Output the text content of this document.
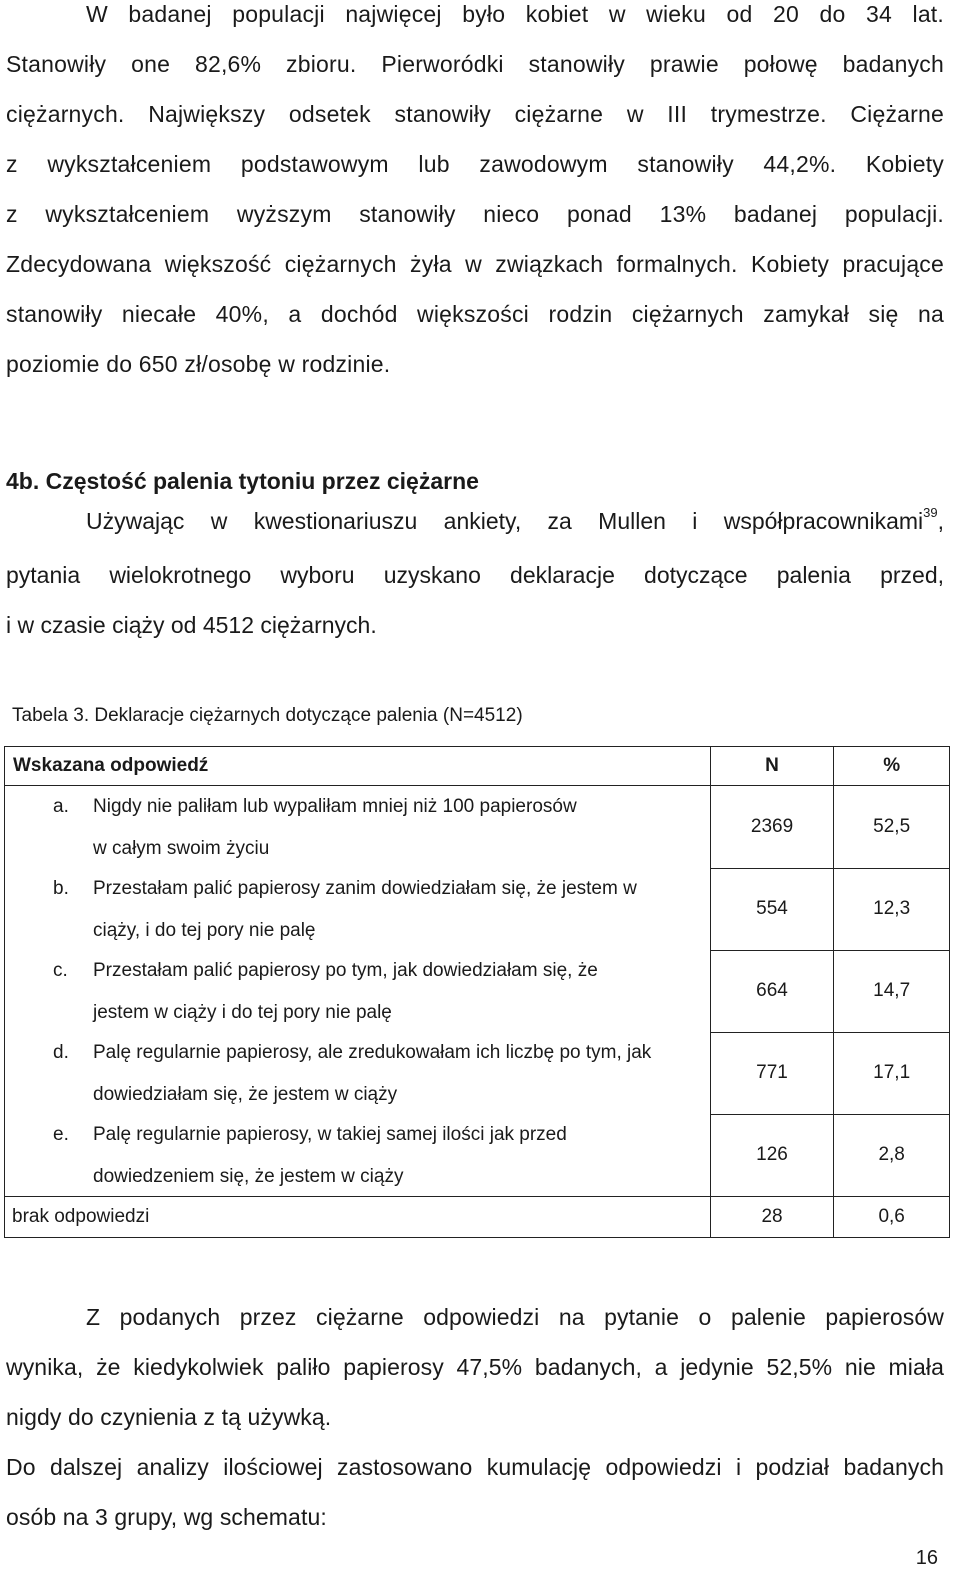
W badanej populacji najwięcej było kobiet w wieku od 20 do 34 lat.
Stanowiły one 82,6% zbioru. Pierworódki stanowiły prawie połowę badanych
ciężarnych. Największy odsetek stanowiły ciężarne w III trymestrze. Ciężarne
z wykształceniem podstawowym lub zawodowym stanowiły 44,2%. Kobiety
z wykształceniem wyższym stanowiły nieco ponad 13% badanej populacji.
Zdecydowana większość ciężarnych żyła w związkach formalnych. Kobiety pracujące
stanowiły niecałe 40%, a dochód większości rodzin ciężarnych zamykał się na
poziomie do 650 zł/osobę w rodzinie.
4b. Częstość palenia tytoniu przez ciężarne
Używając w kwestionariuszu ankiety, za Mullen i współpracownikami$^{39}$,
pytania wielokrotnego wyboru uzyskano deklaracje dotyczące palenia przed,
i w czasie ciąży od 4512 ciężarnych.

Tabela 3. Deklaracje ciężarnych dotyczące palenia (N=4512)

Wskazana odpowiedź	N	%

a. Nigdy nie paliłam lub wypaliłam mniej niż 100 papierosów
w całym swoim życiu	2369	52,5

b. Przestałam palić papierosy zanim dowiedziałam się, że jestem w
ciąży, i do tej pory nie palę	554	12,3

c. Przestałam palić papierosy po tym, jak dowiedziałam się, że
jestem w ciąży i do tej pory nie palę	664	14,7

d. Palę regularnie papierosy, ale zredukowałam ich liczbę po tym, jak
dowiedziałam się, że jestem w ciąży	771	17,1

e. Palę regularnie papierosy, w takiej samej ilości jak przed
dowiedzeniem się, że jestem w ciąży	126	2,8
brak odpowiedzi	28	0,6
Z podanych przez ciężarne odpowiedzi na pytanie o palenie papierosów
wynika, że kiedykolwiek paliło papierosy 47,5% badanych, a jedynie 52,5% nie miała
nigdy do czynienia z tą używką.
Do dalszej analizy ilościowej zastosowano kumulację odpowiedzi i podział badanych
osób na 3 grupy, wg schematu:

16
